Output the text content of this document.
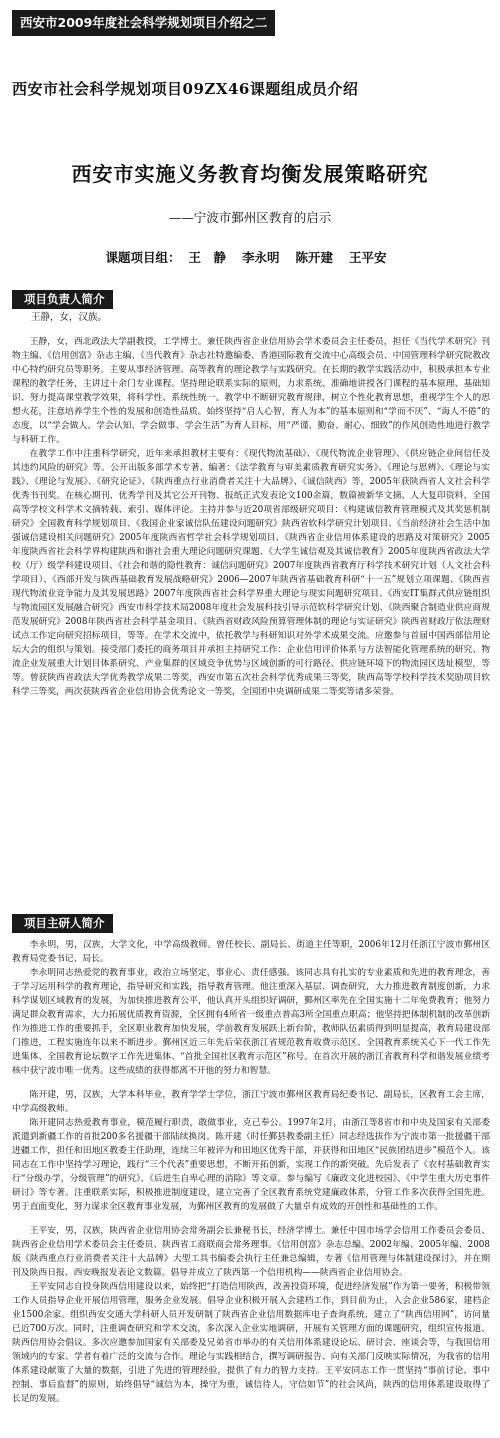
西安市2009年度社会科学规划项目介绍之二
西安市社会科学规划项目09ZX46课题组成员介绍
西安市实施义务教育均衡发展策略研究
——宁波市鄞州区教育的启示
课题项目组： 王　静 李永明 陈开建 王平安
项目负责人简介

王静，女，汉族。

王静，女，西北政法大学副教授，工学博士。兼任陕西省企业信用协会学术委员会主任委员，担任《当代学术研究》刊物主编、《信用创富》杂志主编、《当代教育》杂志社特邀编委、香港国际教育交流中心高级会员、中国管理科学研究院教改中心特约研究员等职务。主要从事经济管理、高等教育的理论教学与实践研究。在长期的教学实践活动中，积极承担本专业课程的教学任务，主讲过十余门专业课程。坚持理论联系实际的原则，力求系统、准确地讲授各门课程的基本原理、基础知识、努力提高课堂教学效果，将科学性、系统性统一。教学中不断研究教育规律，树立个性化教育思想，重视学生个人的思想火花，注意培养学生个性的发展和创造性品质。始终坚持“启人心智，育人为本”的基本原则和“学而不厌”、“诲人不倦”的态度，以“学会做人、学会认知、学会做事、学会生活”为育人目标，用“严谨、勤奋、耐心、细致”的作风创造性地进行教学与科研工作。

在教学工作中注重科学研究，近年来承担教材主要有：《现代物流基础》、《现代物流企业管理》、《供应链企业间信任及其违约风险的研究》等。公开出版多部学术专著、编著：《法学教育与审美素质教育研究实务》、《理论与思辨》、《理论与实践》、《理论与发展》、《研究论证》、《陕西重点行业消费者关注十大品牌》、《诚信陕西》等，2005年获陕西省人文社会科学优秀书刊奖。在核心期刊、优秀学刊及其它公开刊物、报纸正式发表论文100余篇，数篇被新华文摘、人大复印资料、全国高等学校文科学术文摘转载、索引、媒体评论。主持并参与近20项省部级研究项目：《构建诚信教育管理模式及其奖惩机制研究》全国教育科学规划项目、《我国企业家诚信队伍建设问题研究》陕西省软科学研究计划项目、《当前经济社会生活中加强诚信建设相关问题研究》2005年度陕西省哲学社会科学规划项目、《陕西省企业信用体系建设的思路及对策研究》2005年度陕西省社会科学界构建陕西和谐社会重大理论问题研究课题、《大学生诚信观及其诚信教育》2005年度陕西省政法大学校（厅）级学科建设项目、《社会和谐的隐性教育：诚信问题研究》2007年度陕西省教育厅科学技术研究计划（人文社会科学项目）、《西部开发与陕西基础教育发展战略研究》2006—2007年陕西省基础教育科研“十一五”规划立项课题、《陕西省现代物流业竞争能力及其发展思路》2007年度陕西省社会科学界重大理论与现实问题研究项目、《西安IT集群式供应链组织与物流园区发展融合研究》西安市科学技术局2008年度社会发展科技引导示范软科学研究计划、《陕西聚合制造业供应商规范发展研究》2008年陕西省社会科学基金项目、《陕西省财政风险预算管理体制的理论与实证研究》陕西省财政厅依法理财试点工作定向研究招标项目，等等。在学术交流中，依托教学与科研知识对外学术成果交流。应邀参与首届中国西部信用论坛大会的组织与策划。接受部门委托的商务项目并承担主持研究工作：企业信用评价体系与方法智能化管理系统的研究、物流企业发展重大计划目体系研究、产业集群的区域竞争优势与区域创新的可行路径、供应链环境下的物流园区选址模型，等等。曾获陕西省政法大学优秀教学成果二等奖，西安市第五次社会科学优秀成果三等奖，陕西高等学校科学技术奖励项目软科学三等奖，两次获陕西省企业信用协会优秀论文一等奖，全国团中央调研成果二等奖等诸多荣誉。

项目主研人简介

李永明，男，汉族，大学文化，中学高级教师。曾任校长、副局长、街道主任等职，2006年12月任浙江宁波市鄞州区教育局党委书记、局长。

李永明同志热爱党的教育事业，政治立场坚定，事业心、责任感强。该同志具有扎实的专业素质和先进的教育理念，善于学习运用科学的教育理论，指导研究和实践，指导教育管理。他注重深入基层、调查研究，大力推进教育制度创新，力求科学谋划区域教育的发展，为加快推进教育公平，他认真开头组织好调研，鄞州区率先在全国实施十二年免费教育；他努力满足群众教育需求，大力拓展优质教育资源，全区拥有4所省一级重点普高3所全国重点职高；他坚持把体制机制的改革创新作为推进工作的重要抓手，全区职业教育加快发展，学前教育发展跃上新台阶，教师队伍素质得到明显提高，教育局建设部门推进，工程实施连年以来不断进步。鄞州区近三年先后荣获浙江省规范教育收费示范区、全国教育系统关心下一代工作先进集体、全国教育论坛数字工作先进集体、“首批全国社区教育示范区”称号。在首次开展的浙江省教育科学和谐发展业绩考核中获宁波市唯一优秀。这些成绩的获得都离不开他的努力和智慧。

陈开建，男，汉族，大学本科毕业，教育学学士学位，浙江宁波市鄞州区教育局纪委书记、副局长，区教育工会主席，中学高级教师。

陈开建同志热爱教育事业，模范履行职责，敢做事业，克己奉公。1997年2月，由浙江等8省市和中央及国家有关部委派遣到新疆工作的首批200多名援疆干部陆续换岗。陈开建（时任鄞县教委副主任）同志经选拔作为宁波市第一批援疆干部进疆工作，担任和田地区教委主任助理，连续三年被评为和田地区优秀干部，并获得和田地区“民族团结进步”模范个人。该同志在工作中坚持学习理论，践行“三个代表”重要思想，不断开拓创新，实现工作的新突破。先后发表了《农村基础教育实行“分级办学，分级管理”的研究》、《后进生自卑心理的消除》等文章。参与编写《廉政文化进校园》、《中学生重大历史事件研讨》等专著。注重联系实际，积极推进制度建设，建立完善了全区教育系统党建廉政体系，分管工作多次获得全国先进。男于直面变化，努力谋求全区教育事业发展，为鄞州区教育的发展做了大量卓有成效的开创性和基础性的工作。

王平安，男，汉族，陕西省企业信用协会常务副会长兼秘书长，经济学博士。兼任中国市场学会信用工作委员会委员、陕西省企业信用学术委员会主任委员、陕西省工商联商会常务理事。《信用创富》杂志总编。2002年编、2005年编、2008版《陕西重点行业消费者关注十大品牌》大型工具书编委会执行主任兼总编辑，专著《信用管理与体制建设探讨》，并在期刊及陕西日报、西安晚报发表论文数篇。倡导并成立了陕西第一个信用机构——陕西省企业信用协会。

王平安同志自投身陕西信用建设以来，始终把“打造信用陕西，改善投资环境，促进经济发展”作为第一要务，积极带领工作人员指导企业开展信用管理，服务企业发展。倡导企业积极开展入会建档工作，到目前为止，入会企业586家，建档企业1500余家。组织西安交通大学科研人员开发研制了陕西省企业信用数据库电子查询系统，建立了“陕西信用网”，访问量已近700万次。同时，注重调查研究和学术交流，多次深入企业实地调研，开展有关管理方面的课题研究，组织宣传报道、陕西信用协会倡议。多次应邀参加国家有关部委及兄弟省市举办的有关信用体系建设论坛、研讨会、座谈会等，与我国信用领域内的专家、学者有着广泛的交流与合作。理论与实践相结合，撰写调研报告、向有关部门反映实际情况，为我省的信用体系建设献策了大量的数据，引进了先进的管理经验，提供了有力的智力支持。王平安同志工作一贯坚持“事前讨论、事中控制、事后监督”的原则，始终倡导“诚信为本，操守为重，诚信待人，守信如节”的社会风尚，陕西的信用体系建设取得了长足的发展。
